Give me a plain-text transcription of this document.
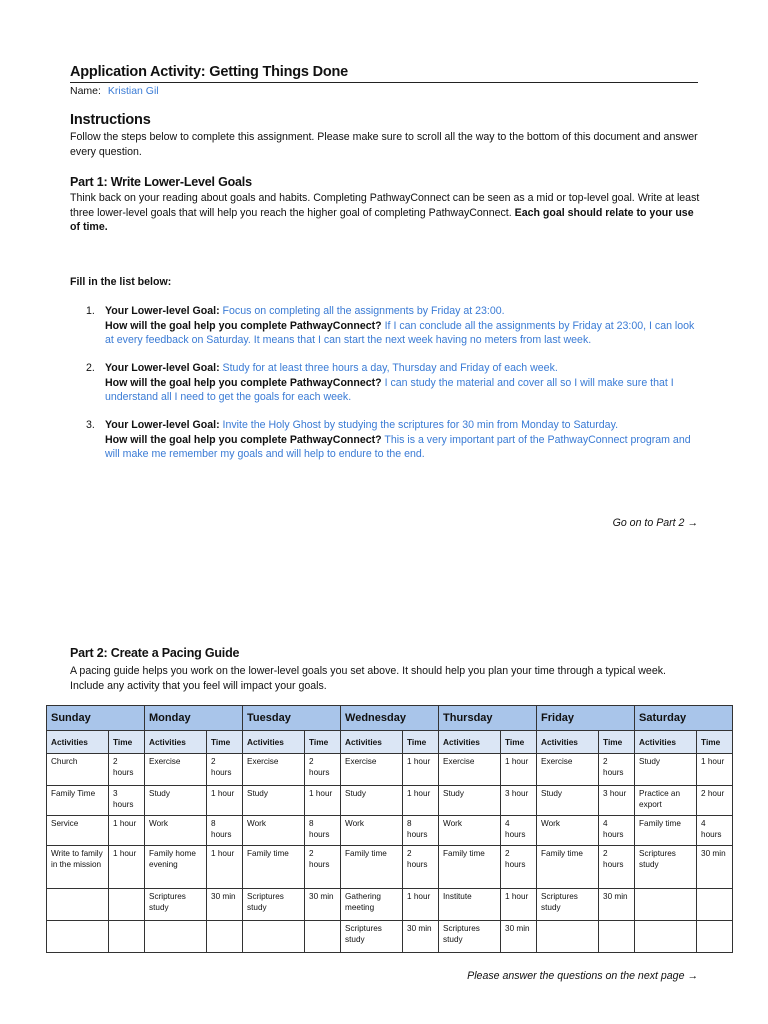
Application Activity: Getting Things Done
Name: Kristian Gil
Instructions
Follow the steps below to complete this assignment. Please make sure to scroll all the way to the bottom of this document and answer every question.
Part 1: Write Lower-Level Goals
Think back on your reading about goals and habits. Completing PathwayConnect can be seen as a mid or top-level goal. Write at least three lower-level goals that will help you reach the higher goal of completing PathwayConnect. Each goal should relate to your use of time.
Fill in the list below:
1. Your Lower-level Goal: Focus on completing all the assignments by Friday at 23:00.
How will the goal help you complete PathwayConnect? If I can conclude all the assignments by Friday at 23:00, I can look at every feedback on Saturday. It means that I can start the next week having no meters from last week.
2. Your Lower-level Goal: Study for at least three hours a day, Thursday and Friday of each week.
How will the goal help you complete PathwayConnect? I can study the material and cover all so I will make sure that I understand all I need to get the goals for each week.
3. Your Lower-level Goal: Invite the Holy Ghost by studying the scriptures for 30 min from Monday to Saturday.
How will the goal help you complete PathwayConnect? This is a very important part of the PathwayConnect program and will make me remember my goals and will help to endure to the end.
Go on to Part 2 →
Part 2: Create a Pacing Guide
A pacing guide helps you work on the lower-level goals you set above. It should help you plan your time through a typical week. Include any activity that you feel will impact your goals.
Sunday		Monday		Tuesday		Wednesday		Thursday		Friday		Saturday	
Activities	Time	Activities	Time	Activities	Time	Activities	Time	Activities	Time	Activities	Time	Activities	Time
Church	2 hours	Exercise	2 hours	Exercise	2 hours	Exercise	1 hour	Exercise	1 hour	Exercise	2 hours	Study	1 hour
Family Time	3 hours	Study	1 hour	Study	1 hour	Study	1 hour	Study	3 hour	Study	3 hour	Practice an export	2 hour
Service	1 hour	Work	8 hours	Work	8 hours	Work	8 hours	Work	4 hours	Work	4 hours	Family time	4 hours
Write to family in the mission	1 hour	Family home evening	1 hour	Family time	2 hours	Family time	2 hours	Family time	2 hours	Family time	2 hours	Scriptures study	30 min
		Scriptures study	30 min	Scriptures study	30 min	Gathering meeting	1 hour	Institute	1 hour	Scriptures study	30 min		
						Scriptures study	30 min	Scriptures study	30 min				
Please answer the questions on the next page →
